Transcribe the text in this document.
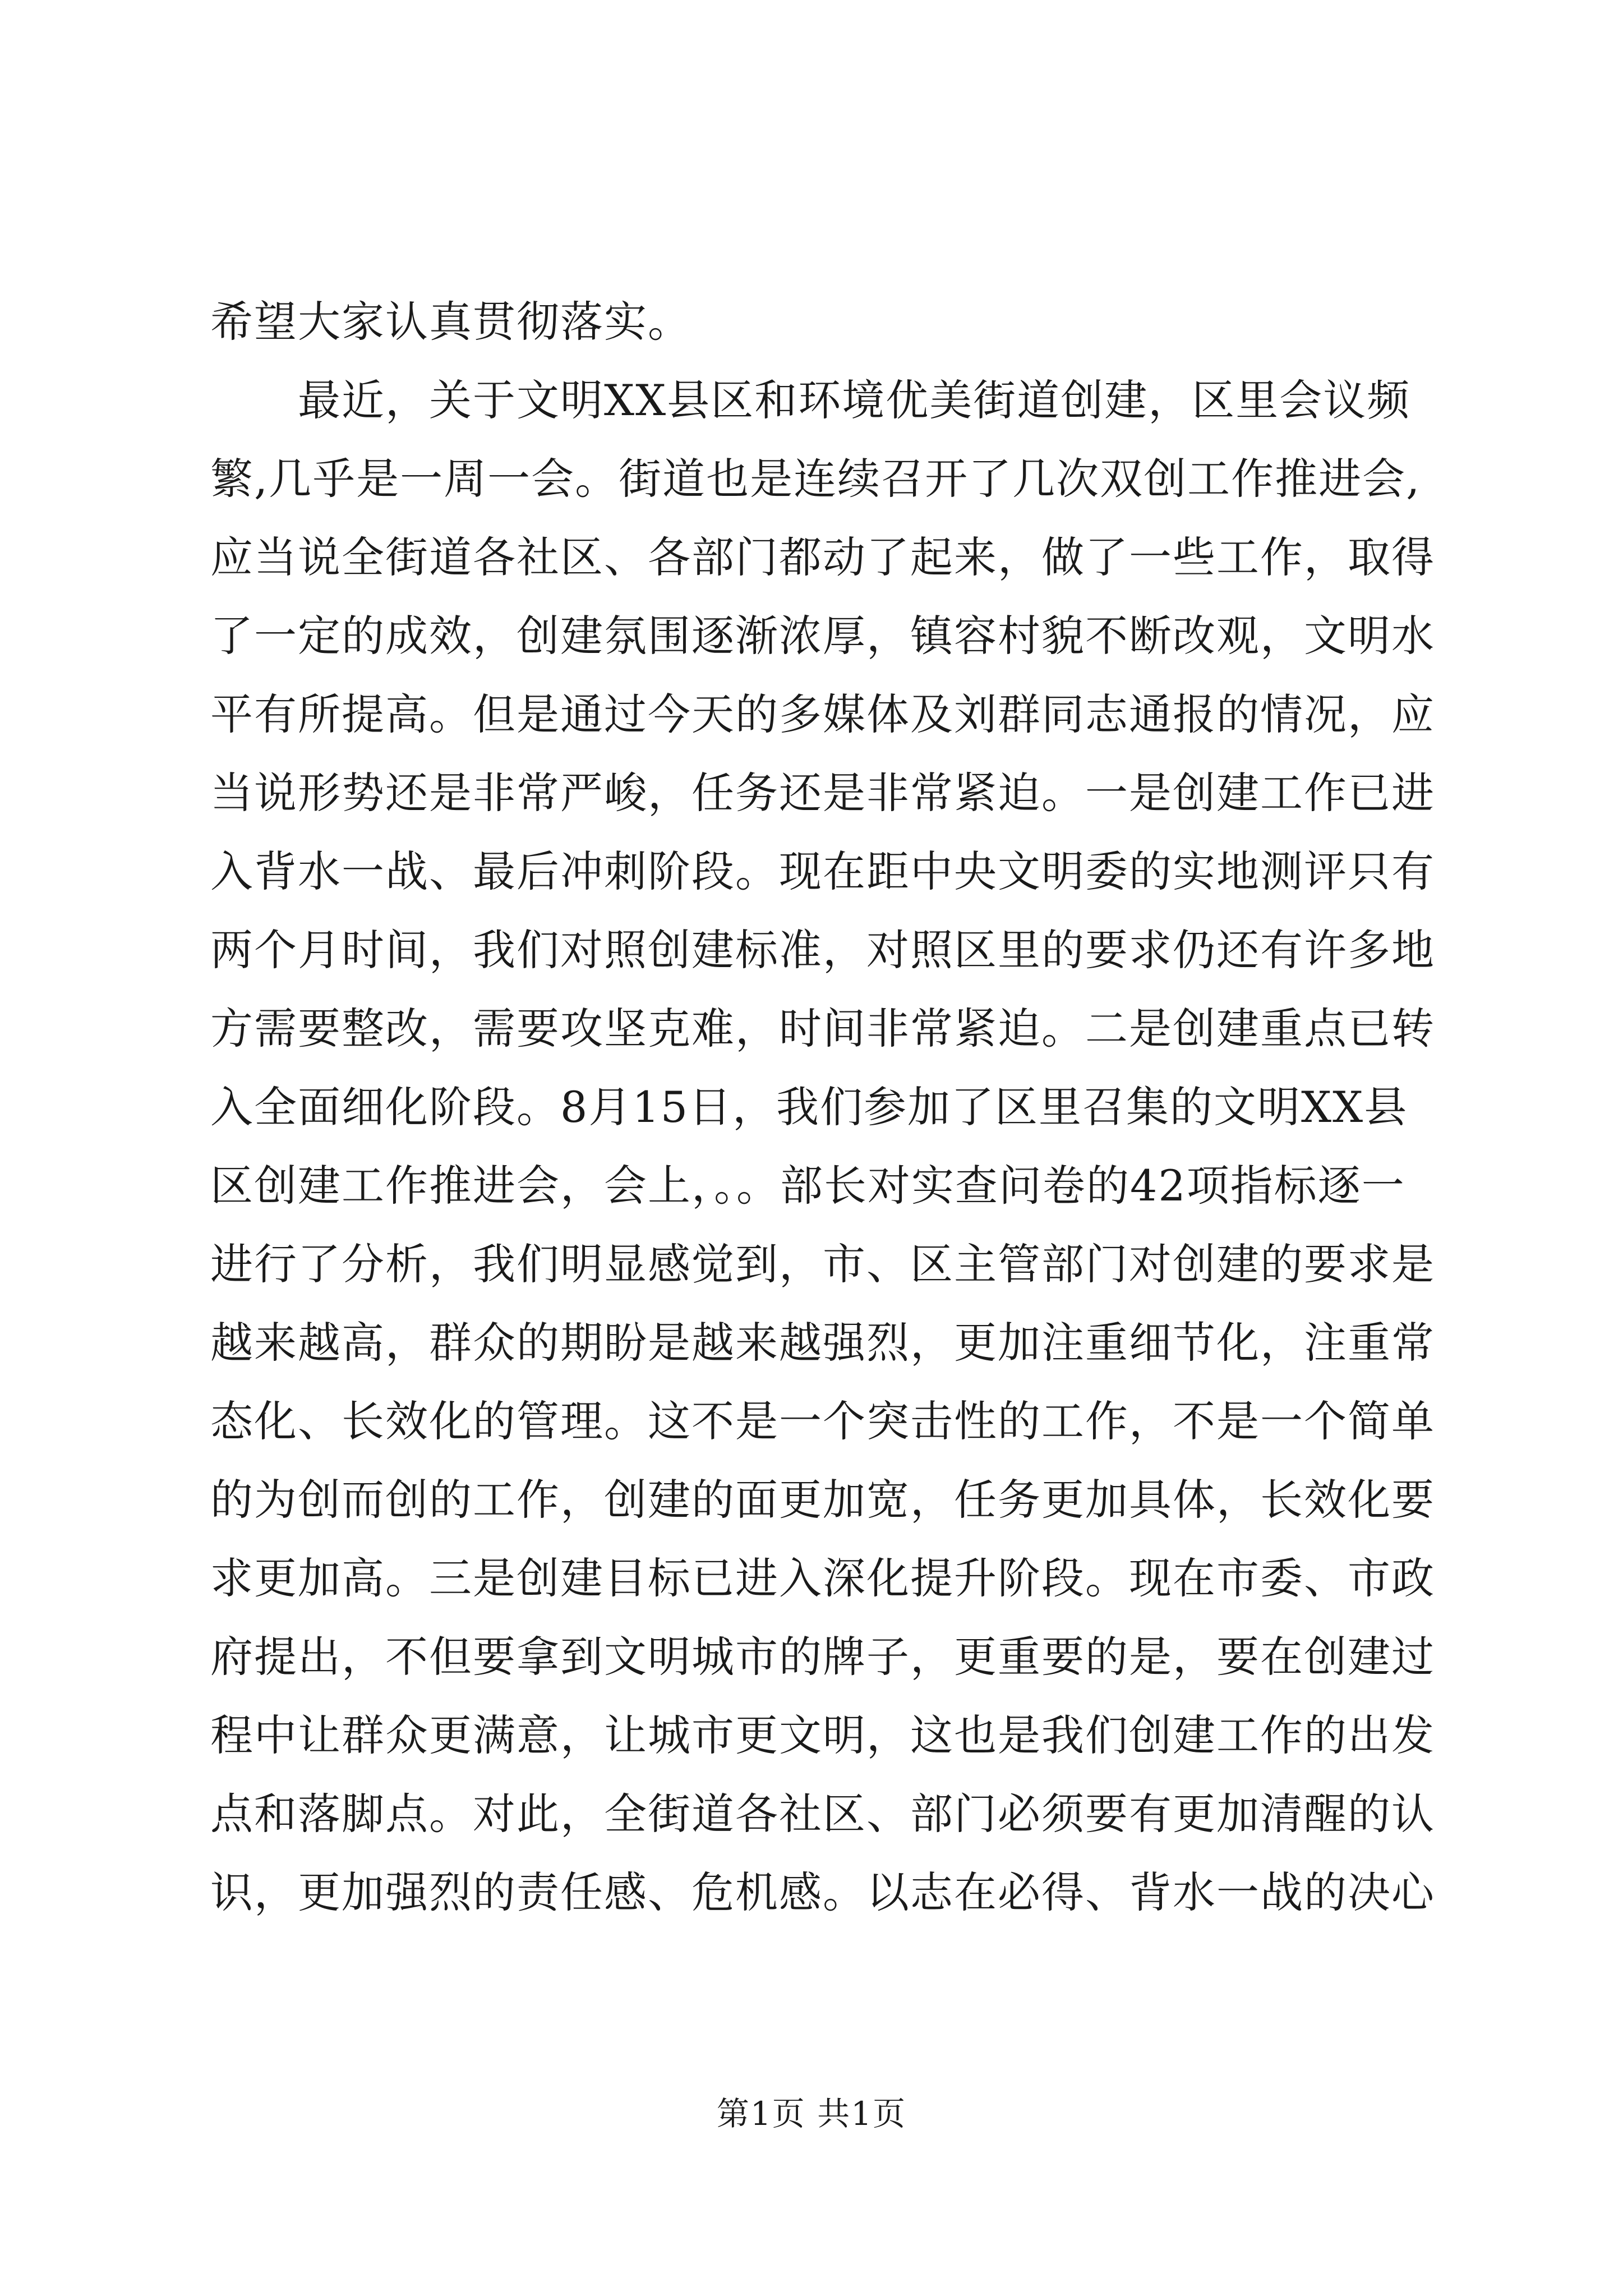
希望大家认真贯彻落实。
　　最近，关于文明XX县区和环境优美街道创建，区里会议频
繁,几乎是一周一会。街道也是连续召开了几次双创工作推进会,
应当说全街道各社区、各部门都动了起来，做了一些工作，取得
了一定的成效，创建氛围逐渐浓厚，镇容村貌不断改观，文明水
平有所提高。但是通过今天的多媒体及刘群同志通报的情况，应
当说形势还是非常严峻，任务还是非常紧迫。一是创建工作已进
入背水一战、最后冲刺阶段。现在距中央文明委的实地测评只有
两个月时间，我们对照创建标准，对照区里的要求仍还有许多地
方需要整改，需要攻坚克难，时间非常紧迫。二是创建重点已转
入全面细化阶段。8月15日，我们参加了区里召集的文明XX县
区创建工作推进会，会上，。。部长对实查问卷的42项指标逐一
进行了分析，我们明显感觉到，市、区主管部门对创建的要求是
越来越高，群众的期盼是越来越强烈，更加注重细节化，注重常
态化、长效化的管理。这不是一个突击性的工作，不是一个简单
的为创而创的工作，创建的面更加宽，任务更加具体，长效化要
求更加高。三是创建目标已进入深化提升阶段。现在市委、市政
府提出，不但要拿到文明城市的牌子，更重要的是，要在创建过
程中让群众更满意，让城市更文明，这也是我们创建工作的出发
点和落脚点。对此，全街道各社区、部门必须要有更加清醒的认
识，更加强烈的责任感、危机感。以志在必得、背水一战的决心
第1页 共1页
